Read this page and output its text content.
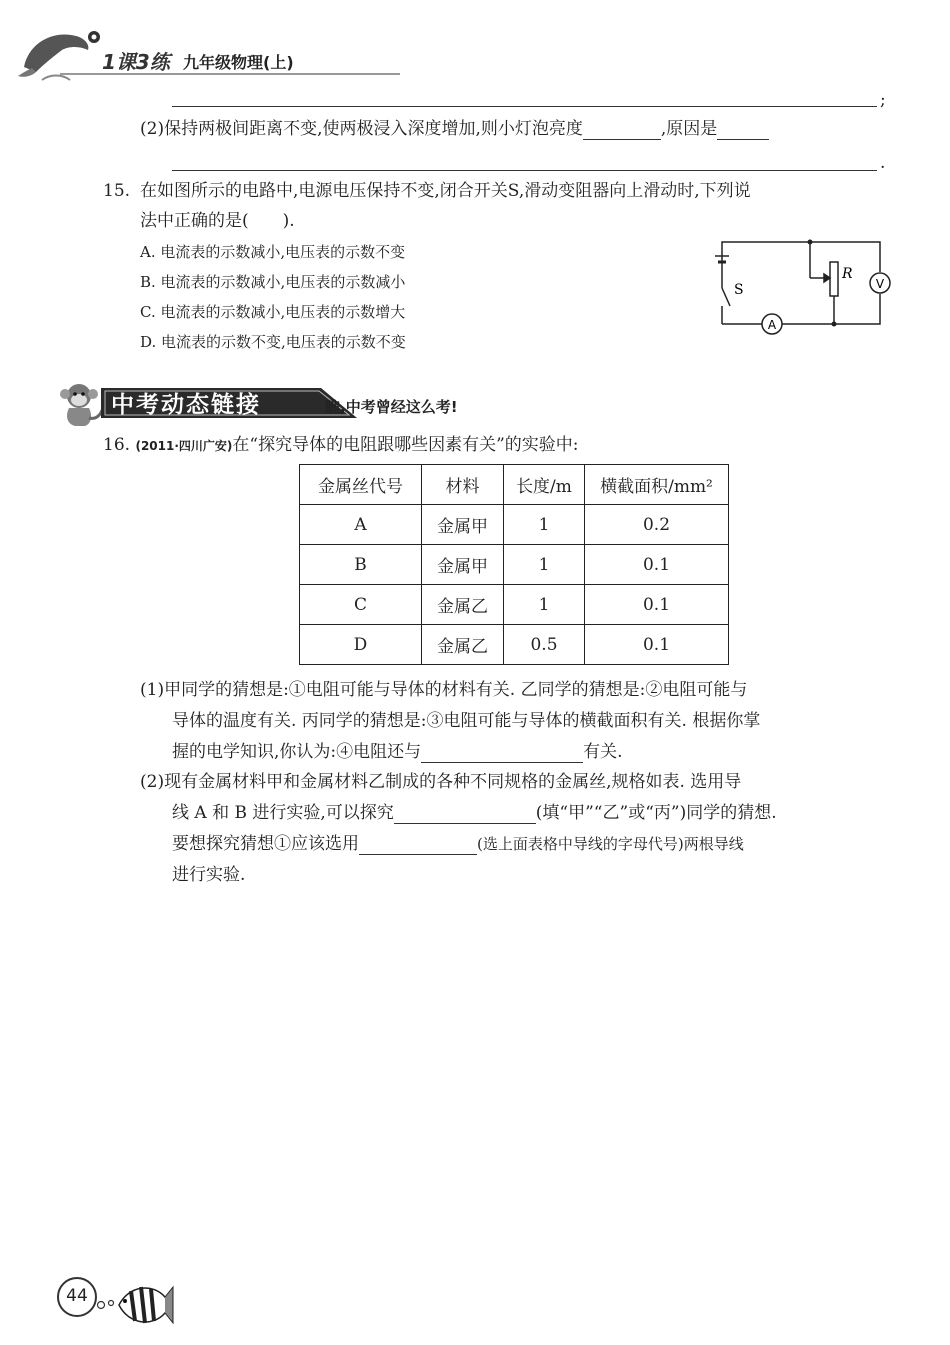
1课3练 九年级物理(上)
;
(2)保持两极间距离不变,使两极浸入深度增加,则小灯泡亮度	,原因是
.
15. 在如图所示的电路中,电源电压保持不变,闭合开关S,滑动变阻器向上滑动时,下列说
法中正确的是(　　).
A. 电流表的示数减小,电压表的示数不变
B. 电流表的示数减小,电压表的示数减小
C. 电流表的示数减小,电压表的示数增大
D. 电流表的示数不变,电压表的示数不变
S
R
A
V
中考动态链接	瞧,中考曾经这么考!
16. (2011·四川广安)在“探究导体的电阻跟哪些因素有关”的实验中:
金属丝代号	材料	长度/m	横截面积/mm²
A	金属甲	1	0.2
B	金属甲	1	0.1
C	金属乙	1	0.1
D	金属乙	0.5	0.1
(1)甲同学的猜想是:①电阻可能与导体的材料有关. 乙同学的猜想是:②电阻可能与
导体的温度有关. 丙同学的猜想是:③电阻可能与导体的横截面积有关. 根据你掌
握的电学知识,你认为:④电阻还与	有关.
(2)现有金属材料甲和金属材料乙制成的各种不同规格的金属丝,规格如表. 选用导
线 A 和 B 进行实验,可以探究	(填“甲”“乙”或“丙”)同学的猜想.
要想探究猜想①应该选用	(选上面表格中导线的字母代号)两根导线
进行实验.
44
